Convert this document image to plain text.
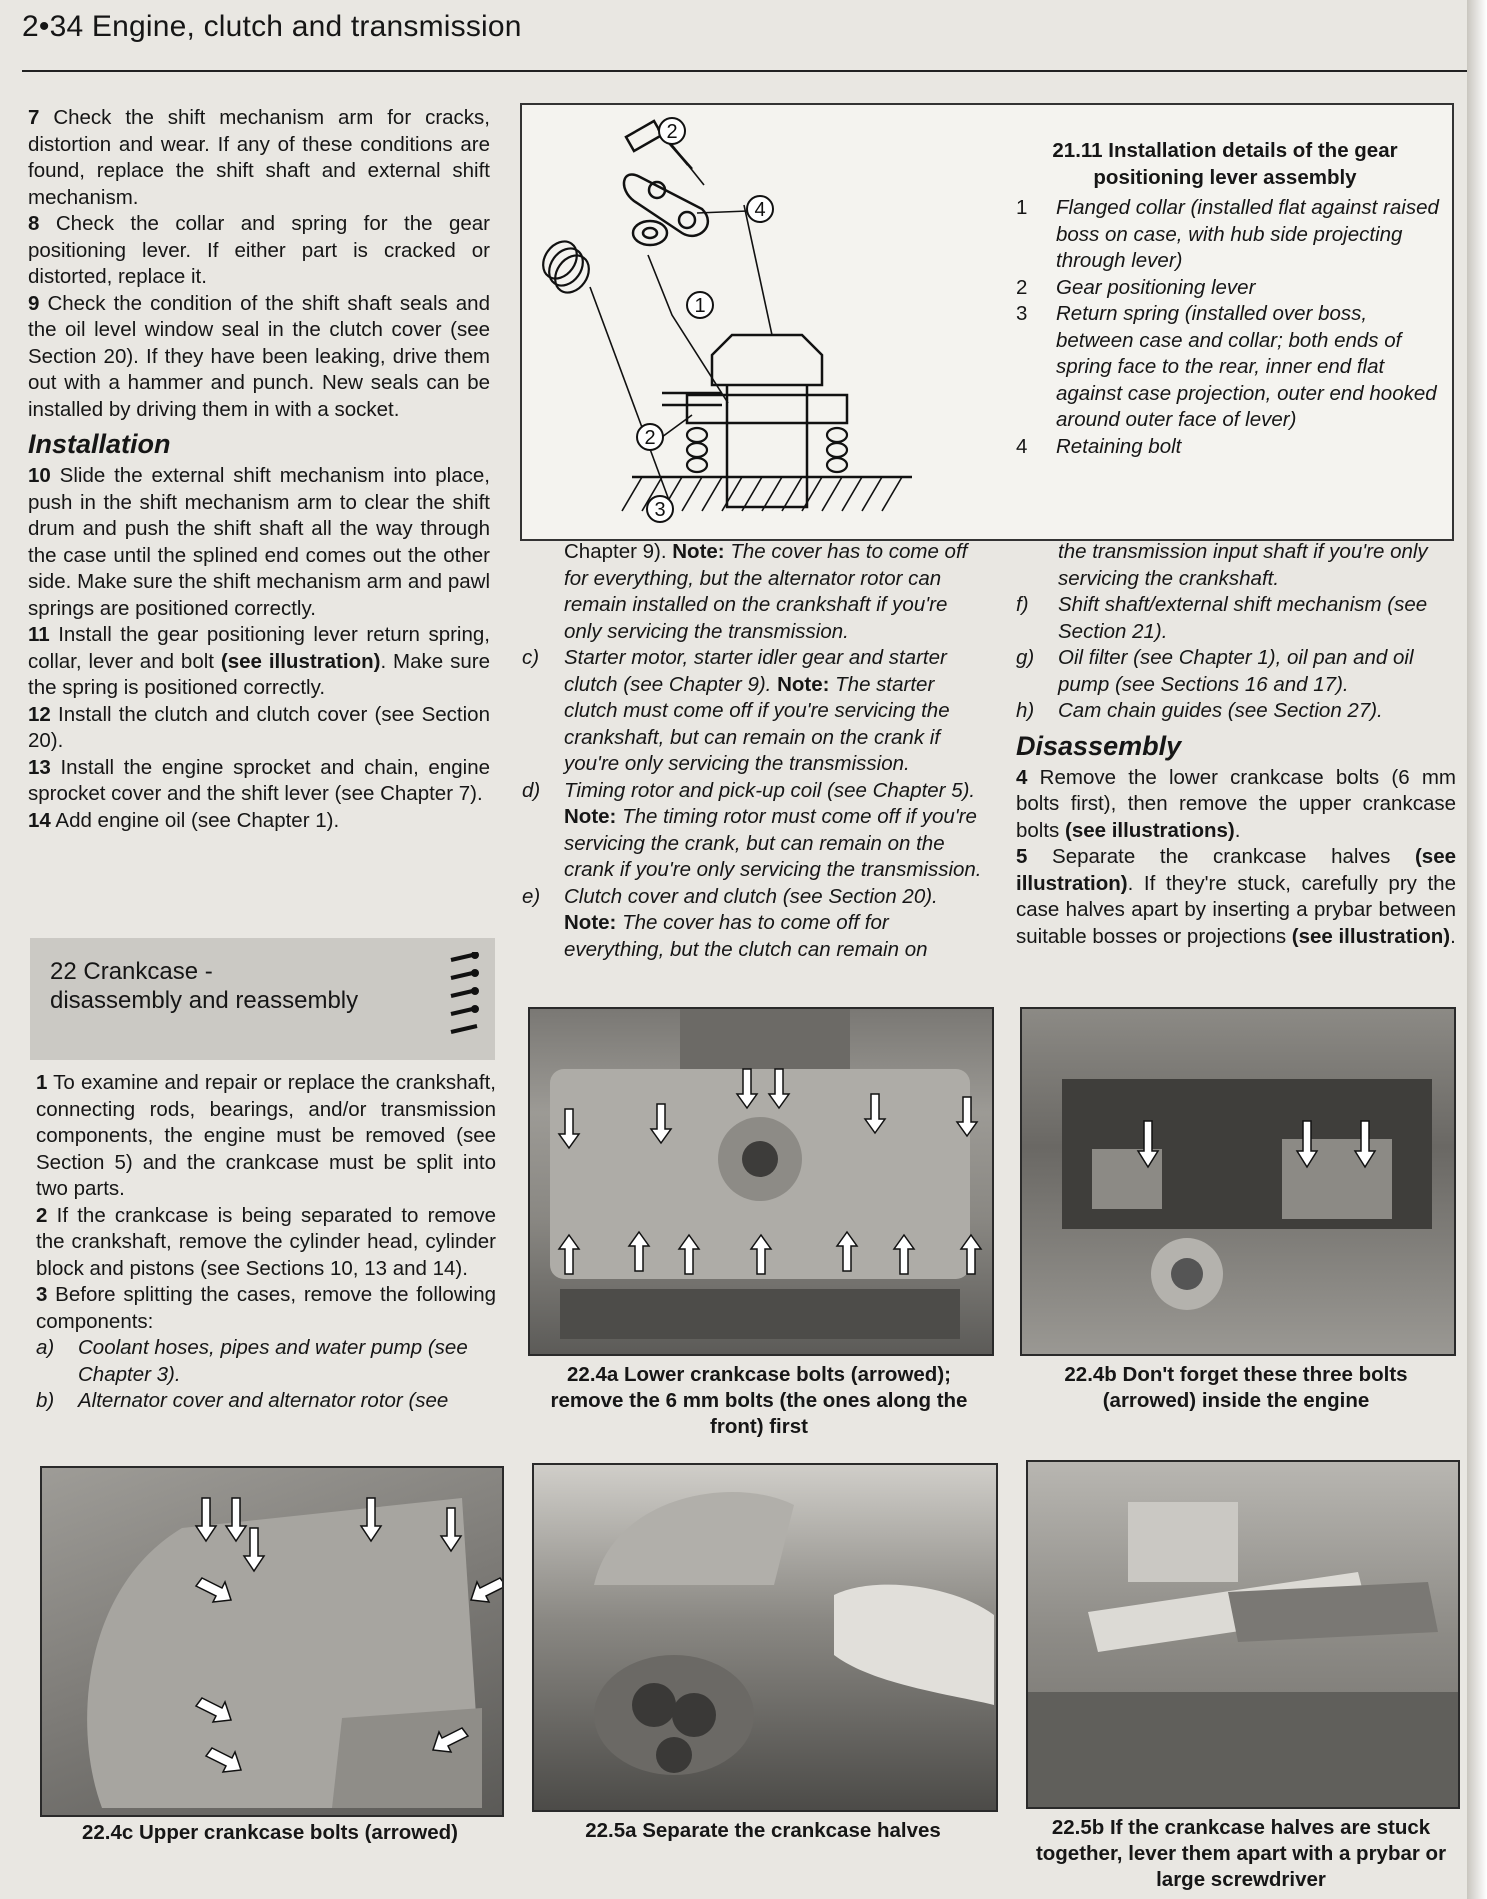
2•34 Engine, clutch and transmission

7 Check the shift mechanism arm for cracks, distortion and wear. If any of these conditions are found, replace the shift shaft and external shift mechanism.

8 Check the collar and spring for the gear positioning lever. If either part is cracked or distorted, replace it.

9 Check the condition of the shift shaft seals and the oil level window seal in the clutch cover (see Section 20). If they have been leaking, drive them out with a hammer and punch. New seals can be installed by driving them in with a socket.

Installation

10 Slide the external shift mechanism into place, push in the shift mechanism arm to clear the shift drum and push the shift shaft all the way through the case until the splined end comes out the other side. Make sure the shift mechanism arm and pawl springs are positioned correctly.

11 Install the gear positioning lever return spring, collar, lever and bolt (see illustration). Make sure the spring is positioned correctly.

12 Install the clutch and clutch cover (see Section 20).

13 Install the engine sprocket and chain, engine sprocket cover and the shift lever (see Chapter 7).

14 Add engine oil (see Chapter 1).

22 Crankcase -
disassembly and reassembly

1 To examine and repair or replace the crankshaft, connecting rods, bearings, and/or transmission components, the engine must be removed (see Section 5) and the crankcase must be split into two parts.

2 If the crankcase is being separated to remove the crankshaft, remove the cylinder head, cylinder block and pistons (see Sections 10, 13 and 14).

3 Before splitting the cases, remove the following components:

a)	Coolant hoses, pipes and water pump (see Chapter 3).
b)	Alternator cover and alternator rotor (see
2
4
1
2
3
21.11 Installation details of the gear positioning lever assembly
1	Flanged collar (installed flat against raised boss on case, with hub side projecting through lever)
2	Gear positioning lever
3	Return spring (installed over boss, between case and collar; both ends of spring face to the rear, inner end flat against case projection, outer end hooked around outer face of lever)
4	Retaining bolt
Chapter 9). Note: The cover has to come off for everything, but the alternator rotor can remain installed on the crankshaft if you're only servicing the transmission.
c)	Starter motor, starter idler gear and starter clutch (see Chapter 9). Note: The starter clutch must come off if you're servicing the crankshaft, but can remain on the crank if you're only servicing the transmission.
d)	Timing rotor and pick-up coil (see Chapter 5). Note: The timing rotor must come off if you're servicing the crank, but can remain on the crank if you're only servicing the transmission.
e)	Clutch cover and clutch (see Section 20). Note: The cover has to come off for everything, but the clutch can remain on
the transmission input shaft if you're only servicing the crankshaft.
f)	Shift shaft/external shift mechanism (see Section 21).
g)	Oil filter (see Chapter 1), oil pan and oil pump (see Sections 16 and 17).
h)	Cam chain guides (see Section 27).
Disassembly

4 Remove the lower crankcase bolts (6 mm bolts first), then remove the upper crankcase bolts (see illustrations).

5 Separate the crankcase halves (see illustration). If they're stuck, carefully pry the case halves apart by inserting a prybar between suitable bosses or projections (see illustration).

22.4a Lower crankcase bolts (arrowed); remove the 6 mm bolts (the ones along the front) first
22.4b Don't forget these three bolts (arrowed) inside the engine
22.4c Upper crankcase bolts (arrowed)	22.5a Separate the crankcase halves	22.5b If the crankcase halves are stuck together, lever them apart with a prybar or large screwdriver
